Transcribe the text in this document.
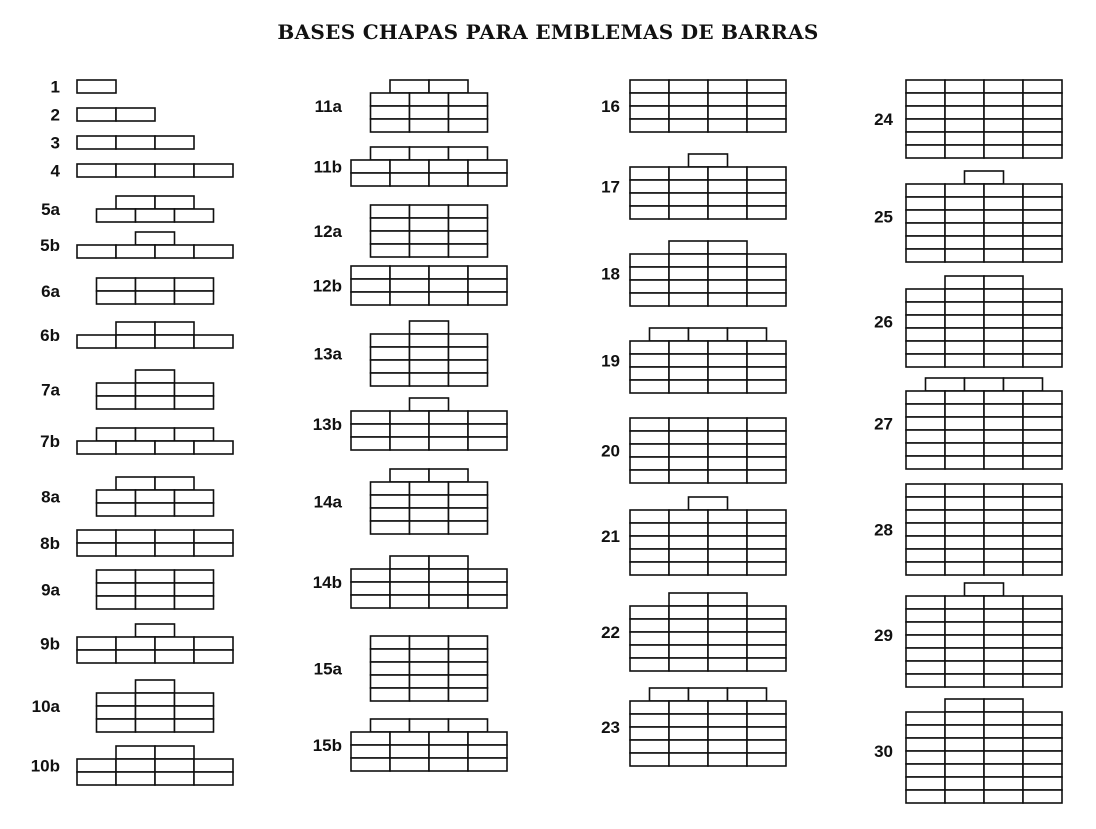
BASES CHAPAS PARA EMBLEMAS DE BARRAS
1
2
3
4
5a
5b
6a
6b
7a
7b
8a
8b
9a
9b
10a
10b
11a
11b
12a
12b
13a
13b
14a
14b
15a
15b
16
17
18
19
20
21
22
23
24
25
26
27
28
29
30
